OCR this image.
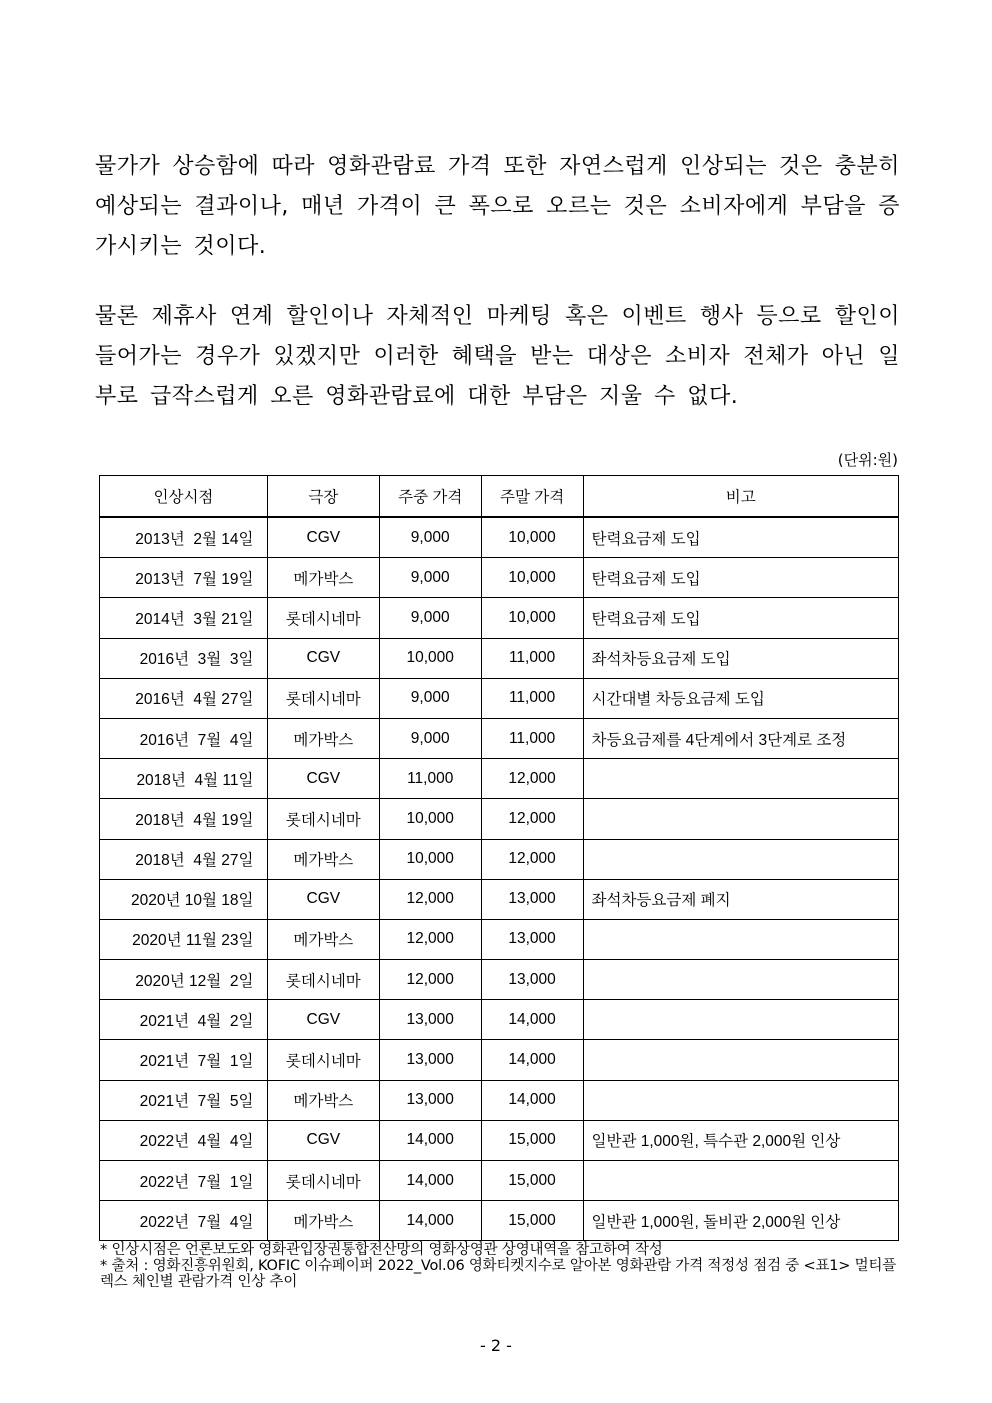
물가가 상승함에 따라 영화관람료 가격 또한 자연스럽게 인상되는 것은 충분히 예상되는 결과이나, 매년 가격이 큰 폭으로 오르는 것은 소비자에게 부담을 증가시키는 것이다.

물론 제휴사 연계 할인이나 자체적인 마케팅 혹은 이벤트 행사 등으로 할인이 들어가는 경우가 있겠지만 이러한 혜택을 받는 대상은 소비자 전체가 아닌 일부로 급작스럽게 오른 영화관람료에 대한 부담은 지울 수 없다.

(단위:원)
인상시점	극장	주중 가격	주말 가격	비고
2013년  2월 14일	CGV	9,000	10,000	탄력요금제 도입
2013년  7월 19일	메가박스	9,000	10,000	탄력요금제 도입
2014년  3월 21일	롯데시네마	9,000	10,000	탄력요금제 도입
2016년  3월  3일	CGV	10,000	11,000	좌석차등요금제 도입
2016년  4월 27일	롯데시네마	9,000	11,000	시간대별 차등요금제 도입
2016년  7월  4일	메가박스	9,000	11,000	차등요금제를 4단계에서 3단계로 조정
2018년  4월 11일	CGV	11,000	12,000	
2018년  4월 19일	롯데시네마	10,000	12,000	
2018년  4월 27일	메가박스	10,000	12,000	
2020년 10월 18일	CGV	12,000	13,000	좌석차등요금제 폐지
2020년 11월 23일	메가박스	12,000	13,000	
2020년 12월  2일	롯데시네마	12,000	13,000	
2021년  4월  2일	CGV	13,000	14,000	
2021년  7월  1일	롯데시네마	13,000	14,000	
2021년  7월  5일	메가박스	13,000	14,000	
2022년  4월  4일	CGV	14,000	15,000	일반관 1,000원, 특수관 2,000원 인상
2022년  7월  1일	롯데시네마	14,000	15,000	
2022년  7월  4일	메가박스	14,000	15,000	일반관 1,000원, 돌비관 2,000원 인상
* 인상시점은 언론보도와 영화관입장권통합전산망의 영화상영관 상영내역을 참고하여 작성
* 출처 : 영화진흥위원회, KOFIC 이슈페이퍼 2022_Vol.06 영화티켓지수로 알아본 영화관람 가격 적정성 점검 중 <표1> 멀티플렉스 체인별 관람가격 인상 추이
- 2 -
